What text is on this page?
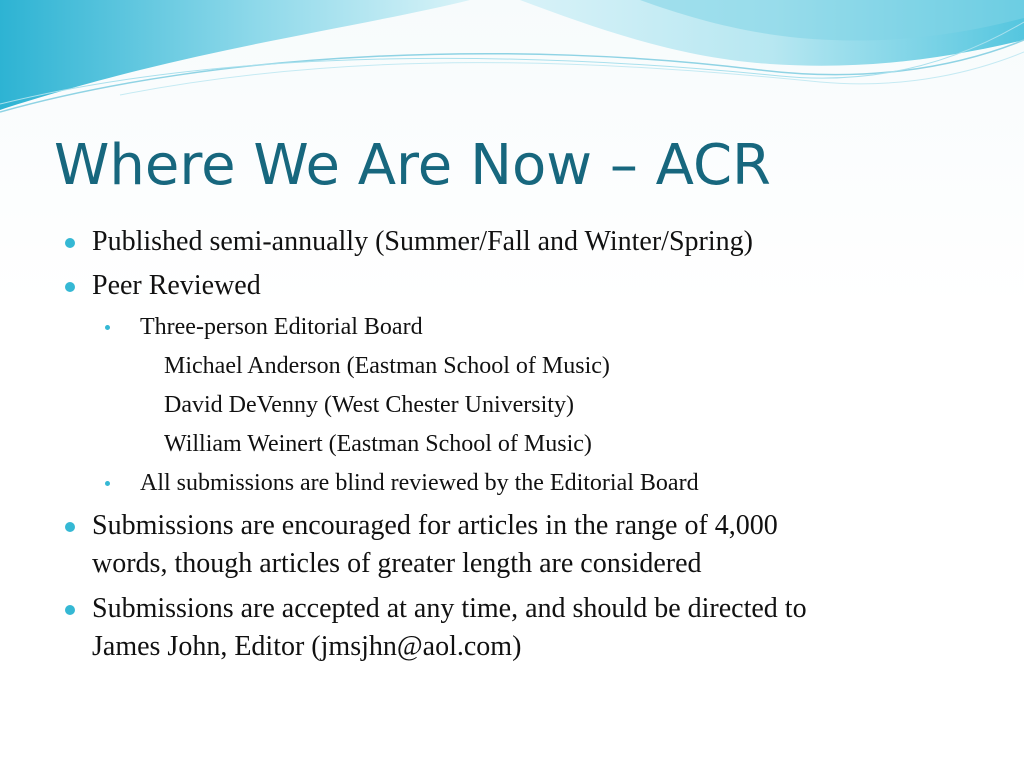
Where We Are Now – ACR
Published semi-annually (Summer/Fall and Winter/Spring)
Peer Reviewed
Three-person Editorial Board
Michael Anderson (Eastman School of Music)
David DeVenny (West Chester University)
William Weinert (Eastman School of Music)
All submissions are blind reviewed by the Editorial Board
Submissions are encouraged for articles in the range of 4,000
words, though articles of greater length are considered
Submissions are accepted at any time, and should be directed to
James John, Editor (jmsjhn@aol.com)
